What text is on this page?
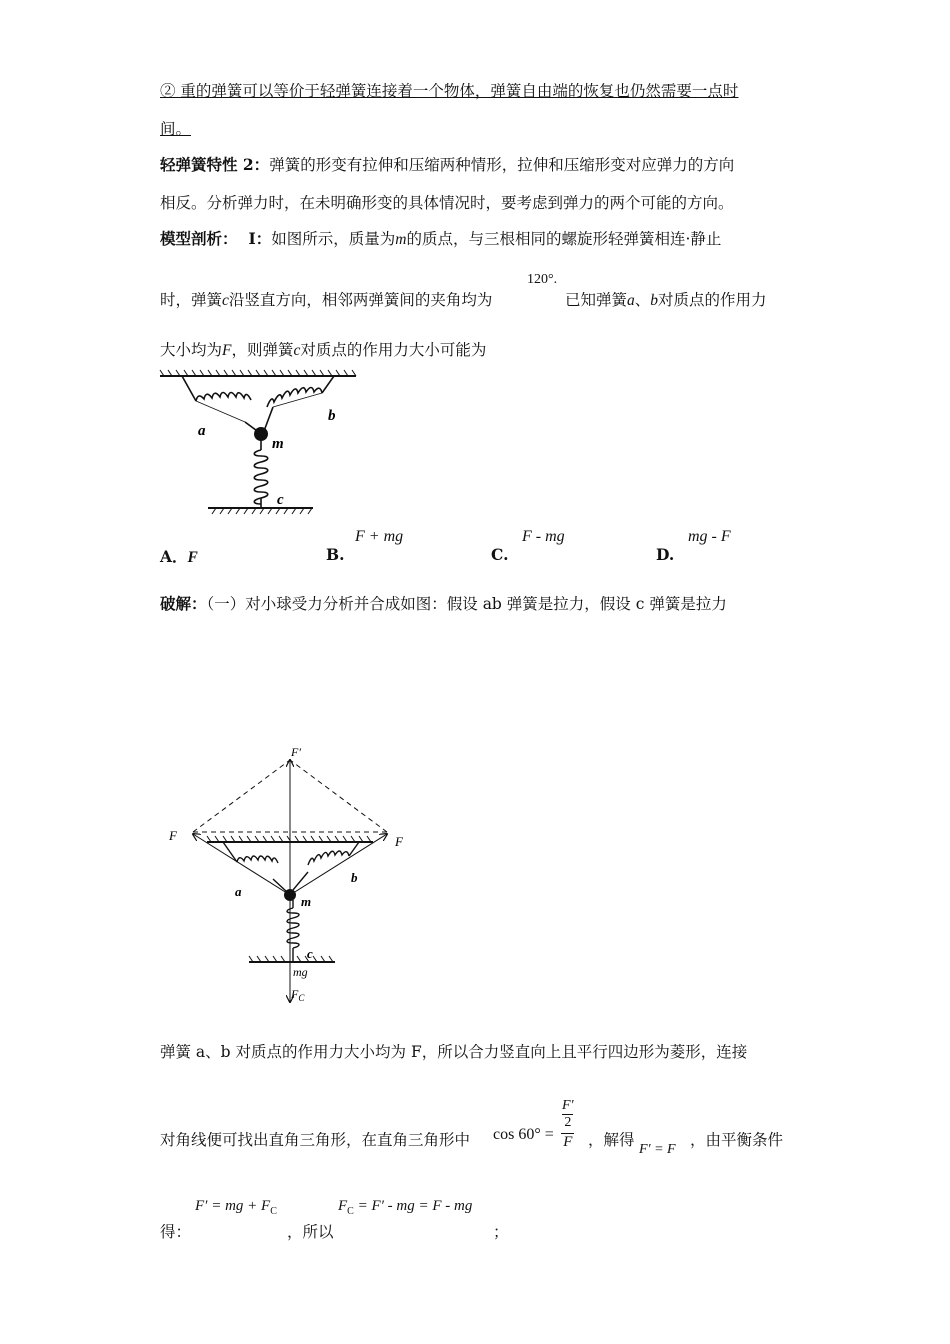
② 重的弹簧可以等价于轻弹簧连接着一个物体，弹簧自由端的恢复也仍然需要一点时
间。
轻弹簧特性 2：弹簧的形变有拉伸和压缩两种情形，拉伸和压缩形变对应弹力的方向
相反。分析弹力时，在未明确形变的具体情况时，要考虑到弹力的两个可能的方向。
模型剖析： Ⅰ：如图所示，质量为m的质点，与三根相同的螺旋形轻弹簧相连·静止
时，弹簧c沿竖直方向，相邻两弹簧间的夹角均为
120°.
已知弹簧a、b对质点的作用力
大小均为F，则弹簧c对质点的作用力大小可能为
a
b
m
c
A．F	B.
F + mg
C.
F - mg
D.
mg - F
破解：（一）对小球受力分析并合成如图：假设 ab 弹簧是拉力，假设 c 弹簧是拉力
F′
F	F
a
b
m
c
mg
$F_C$
弹簧 a、b 对质点的作用力大小均为 F，所以合力竖直向上且平行四边形为菱形，连接
对角线便可找出直角三角形，在直角三角形中 $\cos 60^\circ = \frac{\frac{F'}{2}}{F}$ ，解得
F′ = F
，由平衡条件
得：
F′ = mg + $F_C$
，所以
$F_C = F'$ - mg = F - mg
；
